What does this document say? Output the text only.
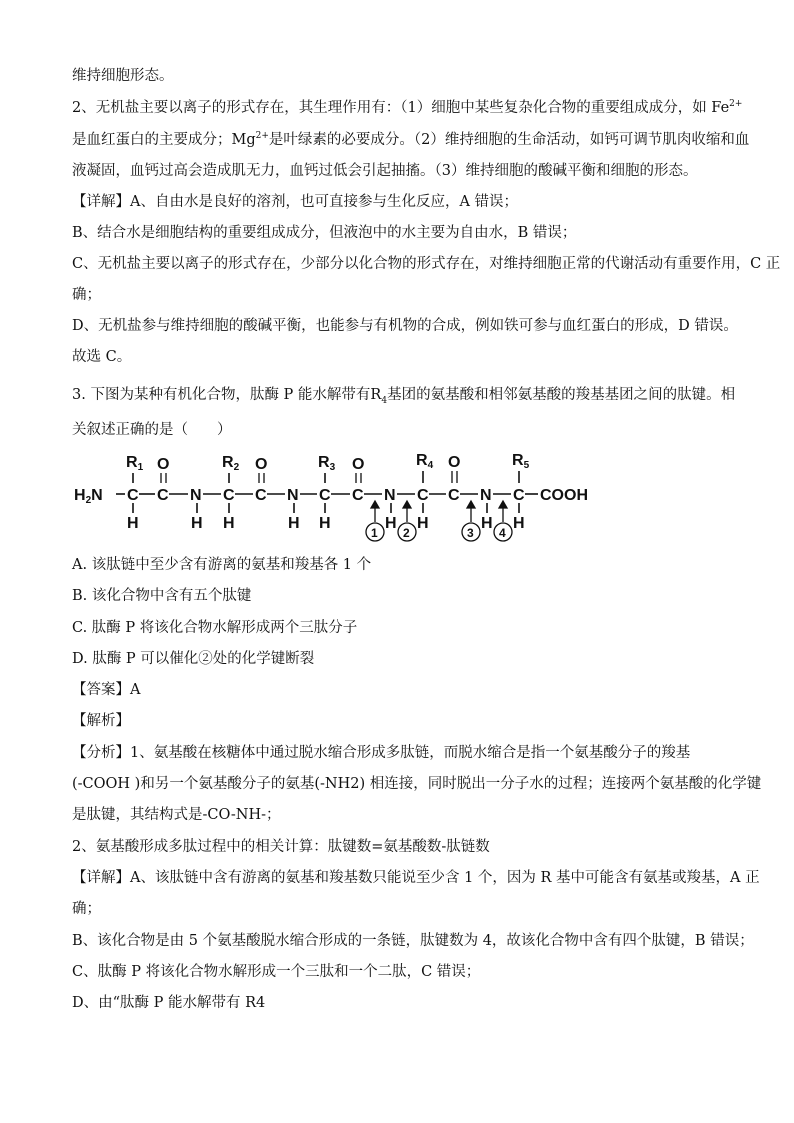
维持细胞形态。
2、无机盐主要以离子的形式存在，其生理作用有：（1）细胞中某些复杂化合物的重要组成成分，如 $Fe^{2+}$
是血红蛋白的主要成分；$Mg^{2+}$是叶绿素的必要成分。（2）维持细胞的生命活动，如钙可调节肌肉收缩和血
液凝固，血钙过高会造成肌无力，血钙过低会引起抽搐。（3）维持细胞的酸碱平衡和细胞的形态。
【详解】A、自由水是良好的溶剂，也可直接参与生化反应，A 错误；
B、结合水是细胞结构的重要组成成分，但液泡中的水主要为自由水，B 错误；
C、无机盐主要以离子的形式存在，少部分以化合物的形式存在，对维持细胞正常的代谢活动有重要作用，C 正
确；
D、无机盐参与维持细胞的酸碱平衡，也能参与有机物的合成，例如铁可参与血红蛋白的形成，D 错误。
故选 C。
3. 下图为某种有机化合物，肽酶 P 能水解带有$R_4$基团的氨基酸和相邻氨基酸的羧基基团之间的肽键。相
关叙述正确的是（　　）
R1	R2	R3	R4	R5
O	O	O	O
H2N C C N C C N C C N C C N C COOH
H	H H	H H	H H	H H
1 2	3 4
A. 该肽链中至少含有游离的氨基和羧基各 1 个
B. 该化合物中含有五个肽键
C. 肽酶 P 将该化合物水解形成两个三肽分子
D. 肽酶 P 可以催化②处的化学键断裂
【答案】A
【解析】
【分析】1、氨基酸在核糖体中通过脱水缩合形成多肽链，而脱水缩合是指一个氨基酸分子的羧基
(-COOH )和另一个氨基酸分子的氨基(-NH2) 相连接，同时脱出一分子水的过程；连接两个氨基酸的化学键
是肽键，其结构式是-CO-NH-；
2、氨基酸形成多肽过程中的相关计算：肽键数=氨基酸数-肽链数
【详解】A、该肽链中含有游离的氨基和羧基数只能说至少含 1 个，因为 R 基中可能含有氨基或羧基，A 正
确；
B、该化合物是由 5 个氨基酸脱水缩合形成的一条链，肽键数为 4，故该化合物中含有四个肽键，B 错误；
C、肽酶 P 将该化合物水解形成一个三肽和一个二肽，C 错误；
D、由“肽酶 P 能水解带有 R4
